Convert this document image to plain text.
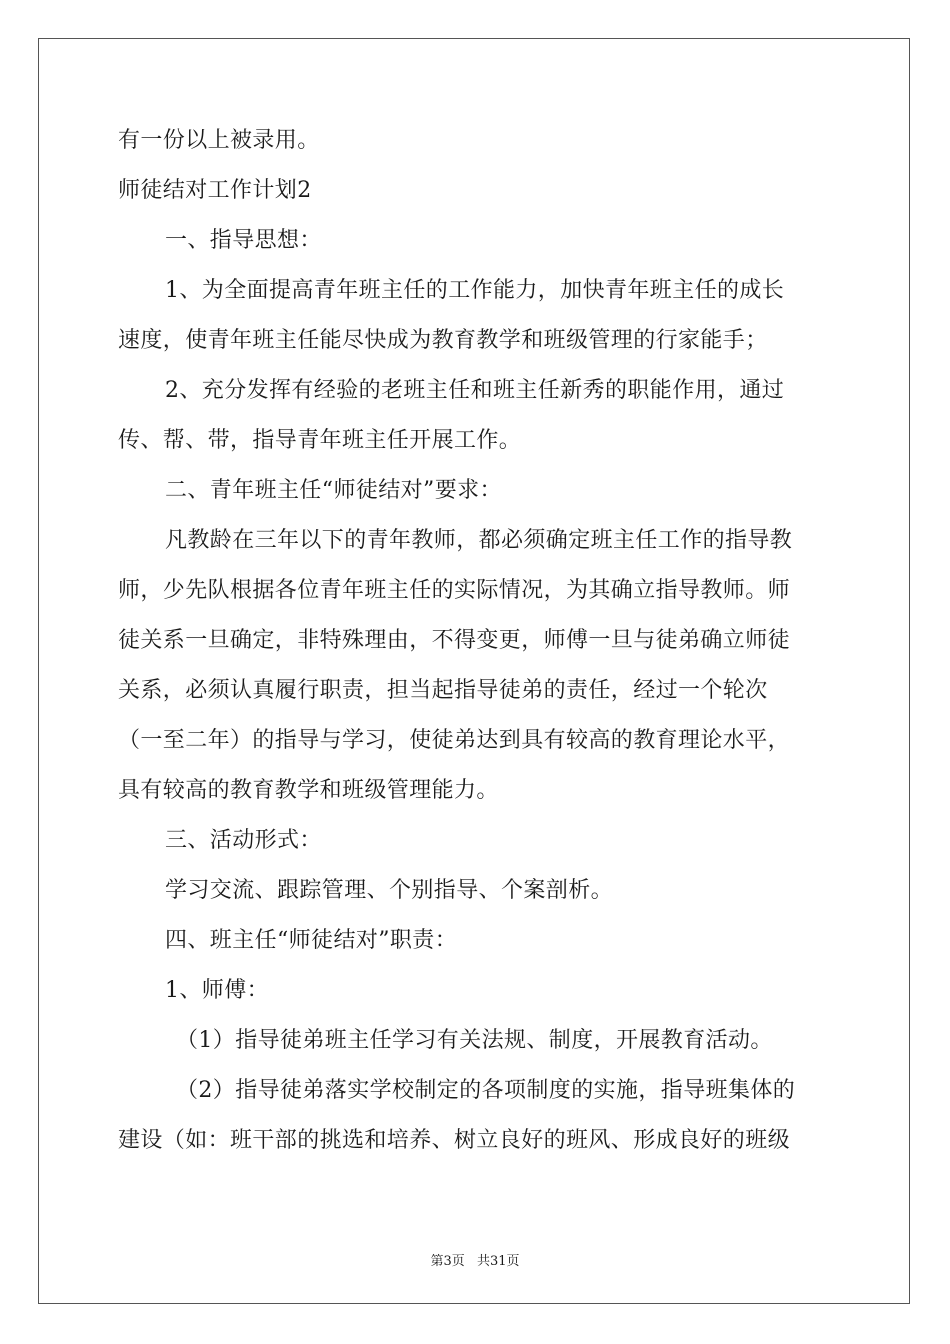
有一份以上被录用。
师徒结对工作计划2
一、指导思想：
1、为全面提高青年班主任的工作能力，加快青年班主任的成长
速度，使青年班主任能尽快成为教育教学和班级管理的行家能手；
2、充分发挥有经验的老班主任和班主任新秀的职能作用，通过
传、帮、带，指导青年班主任开展工作。
二、青年班主任“师徒结对”要求：
凡教龄在三年以下的青年教师，都必须确定班主任工作的指导教
师，少先队根据各位青年班主任的实际情况，为其确立指导教师。师
徒关系一旦确定，非特殊理由，不得变更，师傅一旦与徒弟确立师徒
关系，必须认真履行职责，担当起指导徒弟的责任，经过一个轮次
（一至二年）的指导与学习，使徒弟达到具有较高的教育理论水平，
具有较高的教育教学和班级管理能力。
三、活动形式：
学习交流、跟踪管理、个别指导、个案剖析。
四、班主任“师徒结对”职责：
1、师傅：
（1）指导徒弟班主任学习有关法规、制度，开展教育活动。
（2）指导徒弟落实学校制定的各项制度的实施，指导班集体的
建设（如：班干部的挑选和培养、树立良好的班风、形成良好的班级
第3页 共31页
